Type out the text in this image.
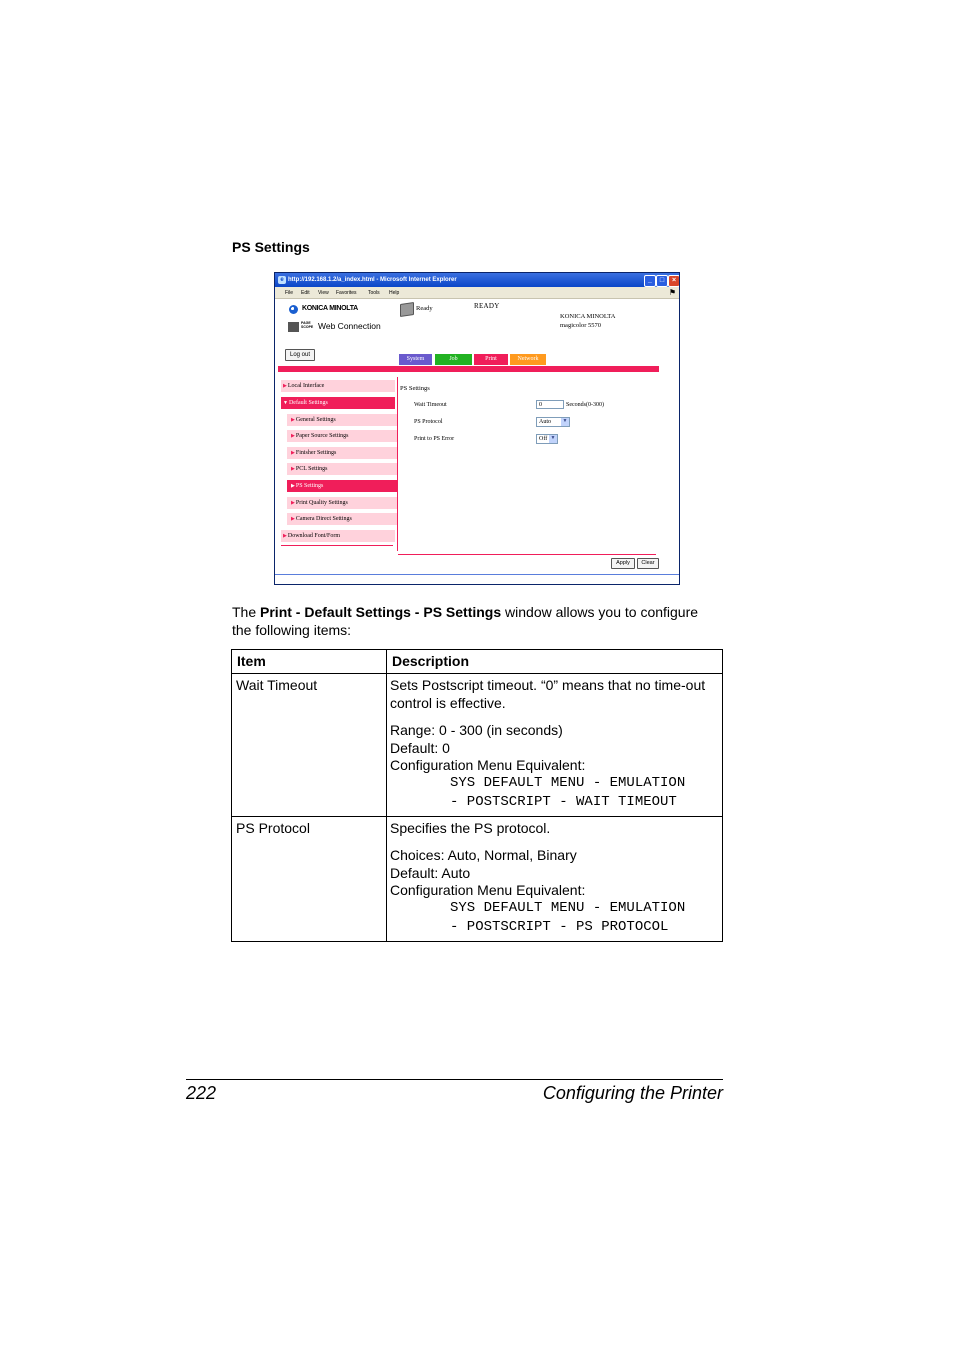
PS Settings
e http://192.168.1.2/a_index.html - Microsoft Internet Explorer	_	□	×
File Edit View Favorites Tools Help	⚑
KONICA MINOLTA
PAGE SCOPE Web Connection
Ready	READY
KONICA MINOLTA
magicolor 5570
Log out
System	Job	Print	Network
▶Local Interface
▼Default Settings
▶General Settings
▶Paper Source Settings
▶Finisher Settings
▶PCL Settings
▶PS Settings
▶Print Quality Settings
▶Camera Direct Settings
▶Download Font/Form
PS Settings
Wait Timeout	0	Seconds(0-300)
PS Protocol	Auto	▼
Print to PS Error	Off ▼
Apply	Clear
The Print - Default Settings - PS Settings window allows you to configure
the following items:
Item	Description
Wait Timeout	Sets Postscript timeout. “0” means that no time-out
control is effective.
Range: 0 - 300 (in seconds)
Default: 0
Configuration Menu Equivalent:
SYS DEFAULT MENU - EMULATION
- POSTSCRIPT - WAIT TIMEOUT
PS Protocol	Specifies the PS protocol.
Choices: Auto, Normal, Binary
Default: Auto
Configuration Menu Equivalent:
SYS DEFAULT MENU - EMULATION
- POSTSCRIPT - PS PROTOCOL
222	Configuring the Printer
